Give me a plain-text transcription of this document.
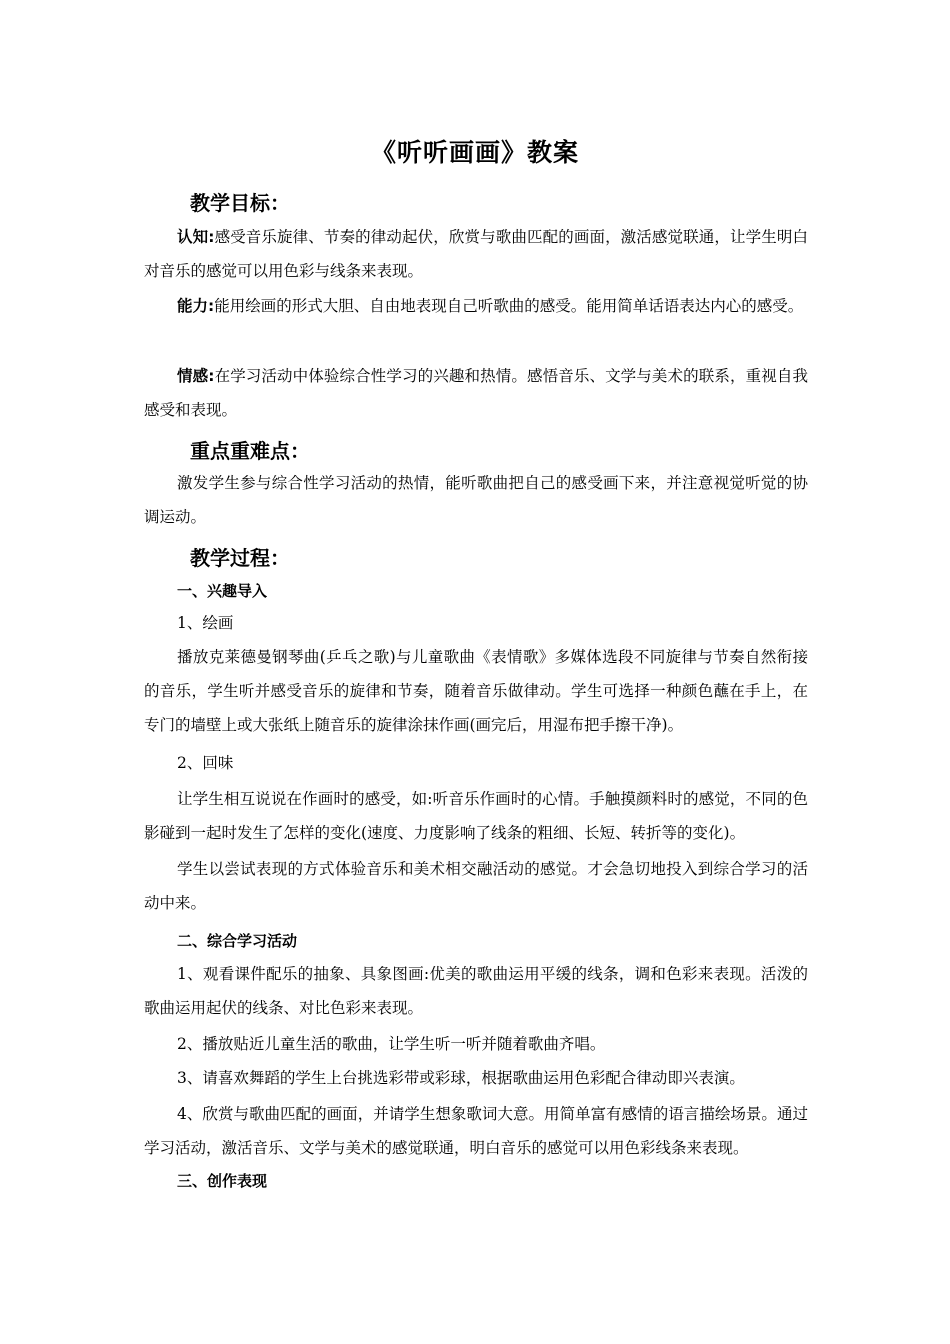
《听听画画》教案
教学目标：
认知:感受音乐旋律、节奏的律动起伏，欣赏与歌曲匹配的画面，激活感觉联通，让学生明白对音乐的感觉可以用色彩与线条来表现。
能力:能用绘画的形式大胆、自由地表现自己听歌曲的感受。能用简单话语表达内心的感受。
情感:在学习活动中体验综合性学习的兴趣和热情。感悟音乐、文学与美术的联系，重视自我感受和表现。
重点重难点：
激发学生参与综合性学习活动的热情，能听歌曲把自己的感受画下来，并注意视觉听觉的协调运动。
教学过程：
一、兴趣导入
1、绘画
播放克莱德曼钢琴曲(乒乓之歌)与儿童歌曲《表情歌》多媒体选段不同旋律与节奏自然衔接的音乐，学生听并感受音乐的旋律和节奏，随着音乐做律动。学生可选择一种颜色蘸在手上，在专门的墙壁上或大张纸上随音乐的旋律涂抹作画(画完后，用湿布把手擦干净)。
2、回味
让学生相互说说在作画时的感受，如:听音乐作画时的心情。手触摸颜料时的感觉，不同的色影碰到一起时发生了怎样的变化(速度、力度影响了线条的粗细、长短、转折等的变化)。
学生以尝试表现的方式体验音乐和美术相交融活动的感觉。才会急切地投入到综合学习的活动中来。
二、综合学习活动
1、观看课件配乐的抽象、具象图画:优美的歌曲运用平缓的线条，调和色彩来表现。活泼的歌曲运用起伏的线条、对比色彩来表现。
2、播放贴近儿童生活的歌曲，让学生听一听并随着歌曲齐唱。
3、请喜欢舞蹈的学生上台挑选彩带或彩球，根据歌曲运用色彩配合律动即兴表演。
4、欣赏与歌曲匹配的画面，并请学生想象歌词大意。用简单富有感情的语言描绘场景。通过学习活动，激活音乐、文学与美术的感觉联通，明白音乐的感觉可以用色彩线条来表现。
三、创作表现
